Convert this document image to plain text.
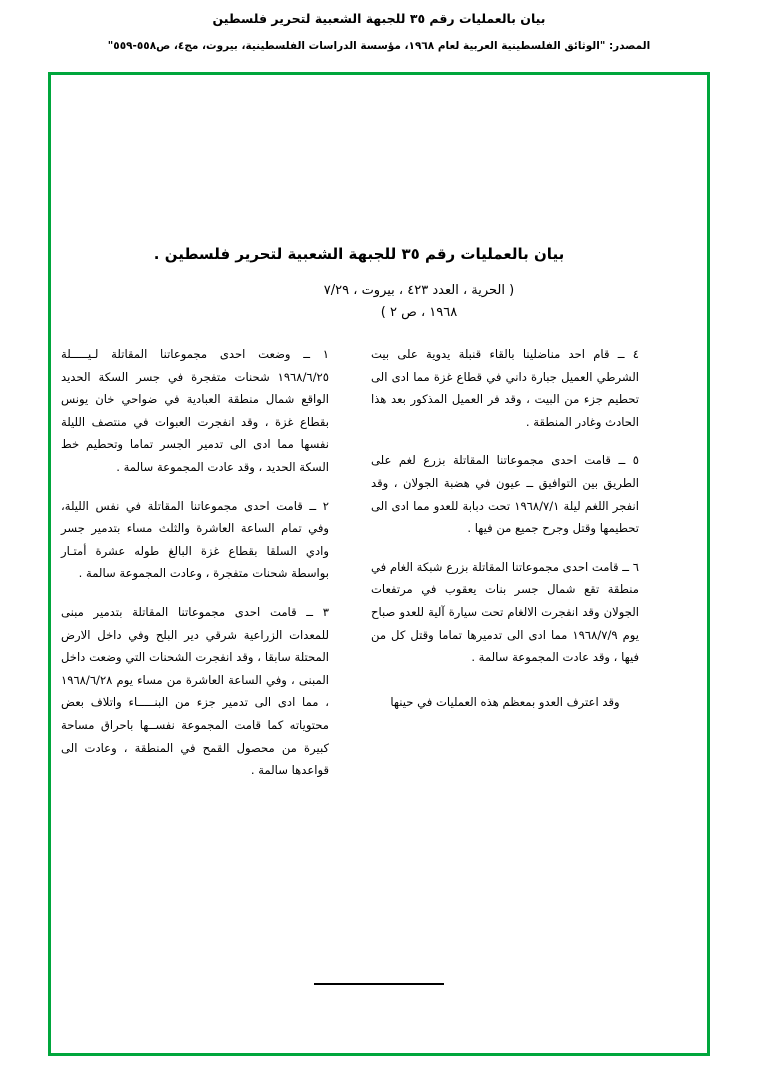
بيان بالعمليات رقم ٣٥ للجبهة الشعبية لتحرير فلسطين
المصدر: "الوثائق الفلسطينية العربية لعام ١٩٦٨، مؤسسة الدراسات الفلسطينية، بيروت، مج٤، ص٥٥٨-٥٥٩"
بيان بالعمليات رقم ٣٥ للجبهة الشعبية لتحرير فلسطين .
( الحرية ، العدد ٤٢٣ ، بيروت ، ٧/٢٩
١٩٦٨ ، ص ٢ )

٤ ــ قام احد مناضلينا بالقاء قنبلة يدوية على بيت الشرطي العميل جبارة داني في قطاع غزة مما ادى الى تحطيم جزء من البيت ، وقد فر العميل المذكور بعد هذا الحادث وغادر المنطقة .

٥ ــ قامت احدى مجموعاتنا المقاتلة بزرع لغم على الطريق بين التوافيق ــ عيون في هضبة الجولان ، وقد انفجر اللغم ليلة ١٩٦٨/٧/١ تحت دبابة للعدو مما ادى الى تحطيمها وقتل وجرح جميع من فيها .

٦ ــ قامت احدى مجموعاتنا المقاتلة بزرع شبكة الغام في منطقة تقع شمال جسر بنات يعقوب في مرتفعات الجولان وقد انفجرت الالغام تحت سيارة آلية للعدو صباح يوم ١٩٦٨/٧/٩ مما ادى الى تدميرها تماما وقتل كل من فيها ، وقد عادت المجموعة سالمة .

وقد اعترف العدو بمعظم هذه العمليات في حينها

١ ــ وضعت احدى مجموعاتنا المقاتلة لـيـــــلة ١٩٦٨/٦/٢٥ شحنات متفجرة في جسر السكة الحديد الواقع شمال منطقة العبادية في ضواحي خان يونس بقطاع غزة ، وقد انفجرت العبوات في منتصف الليلة نفسها مما ادى الى تدمير الجسر تماما وتحطيم خط السكة الحديد ، وقد عادت المجموعة سالمة .

٢ ــ قامت احدى مجموعاتنا المقاتلة في نفس الليلة، وفي تمام الساعة العاشرة والثلث مساء بتدمير جسر وادي السلقا بقطاع غزة البالغ طوله عشرة أمتـار بواسطة شحنات متفجرة ، وعادت المجموعة سالمة .

٣ ــ قامت احدى مجموعاتنا المقاتلة بتدمير مبنى للمعدات الزراعية شرقي دير البلح وفي داخل الارض المحتلة سابقا ، وقد انفجرت الشحنات التي وضعت داخل المبنى ، وفي الساعة العاشرة من مساء يوم ١٩٦٨/٦/٢٨ ، مما ادى الى تدمير جزء من البنـــــاء واتلاف بعض محتوياته كما قامت المجموعة نفســها باحراق مساحة كبيرة من محصول القمح في المنطقة ، وعادت الى قواعدها سالمة .
